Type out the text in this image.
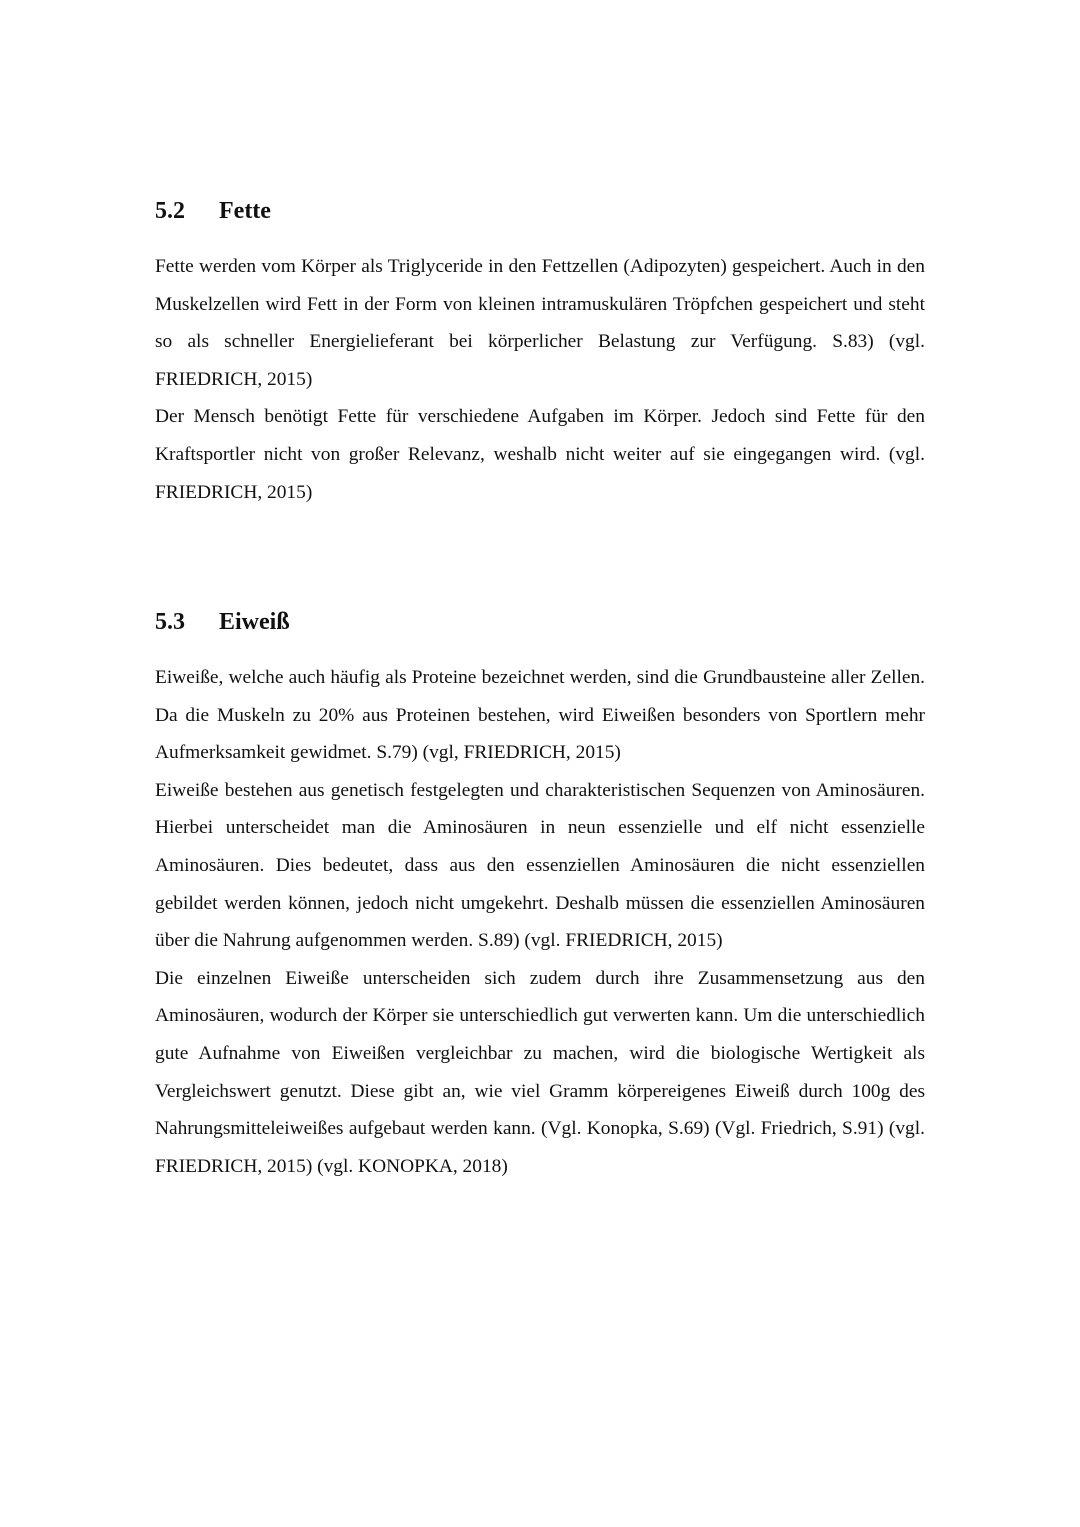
5.2	Fette

Fette werden vom Körper als Triglyceride in den Fettzellen (Adipozyten) gespeichert. Auch in den Muskelzellen wird Fett in der Form von kleinen intramuskulären Tröpfchen gespeichert und steht so als schneller Energielieferant bei körperlicher Belastung zur Verfügung. S.83) (vgl. FRIEDRICH, 2015)

Der Mensch benötigt Fette für verschiedene Aufgaben im Körper. Jedoch sind Fette für den Kraftsportler nicht von großer Relevanz, weshalb nicht weiter auf sie eingegangen wird. (vgl. FRIEDRICH, 2015)

5.3	Eiweiß

Eiweiße, welche auch häufig als Proteine bezeichnet werden, sind die Grundbausteine aller Zellen. Da die Muskeln zu 20% aus Proteinen bestehen, wird Eiweißen besonders von Sportlern mehr Aufmerksamkeit gewidmet. S.79) (vgl, FRIEDRICH, 2015)

Eiweiße bestehen aus genetisch festgelegten und charakteristischen Sequenzen von Aminosäuren. Hierbei unterscheidet man die Aminosäuren in neun essenzielle und elf nicht essenzielle Aminosäuren. Dies bedeutet, dass aus den essenziellen Aminosäuren die nicht essenziellen gebildet werden können, jedoch nicht umgekehrt. Deshalb müssen die essenziellen Aminosäuren über die Nahrung aufgenommen werden. S.89) (vgl. FRIEDRICH, 2015)

Die einzelnen Eiweiße unterscheiden sich zudem durch ihre Zusammensetzung aus den Aminosäuren, wodurch der Körper sie unterschiedlich gut verwerten kann. Um die unterschiedlich gute Aufnahme von Eiweißen vergleichbar zu machen, wird die biologische Wertigkeit als Vergleichswert genutzt. Diese gibt an, wie viel Gramm körpereigenes Eiweiß durch 100g des Nahrungsmitteleiweißes aufgebaut werden kann. (Vgl. Konopka, S.69) (Vgl. Friedrich, S.91) (vgl. FRIEDRICH, 2015) (vgl. KONOPKA, 2018)
